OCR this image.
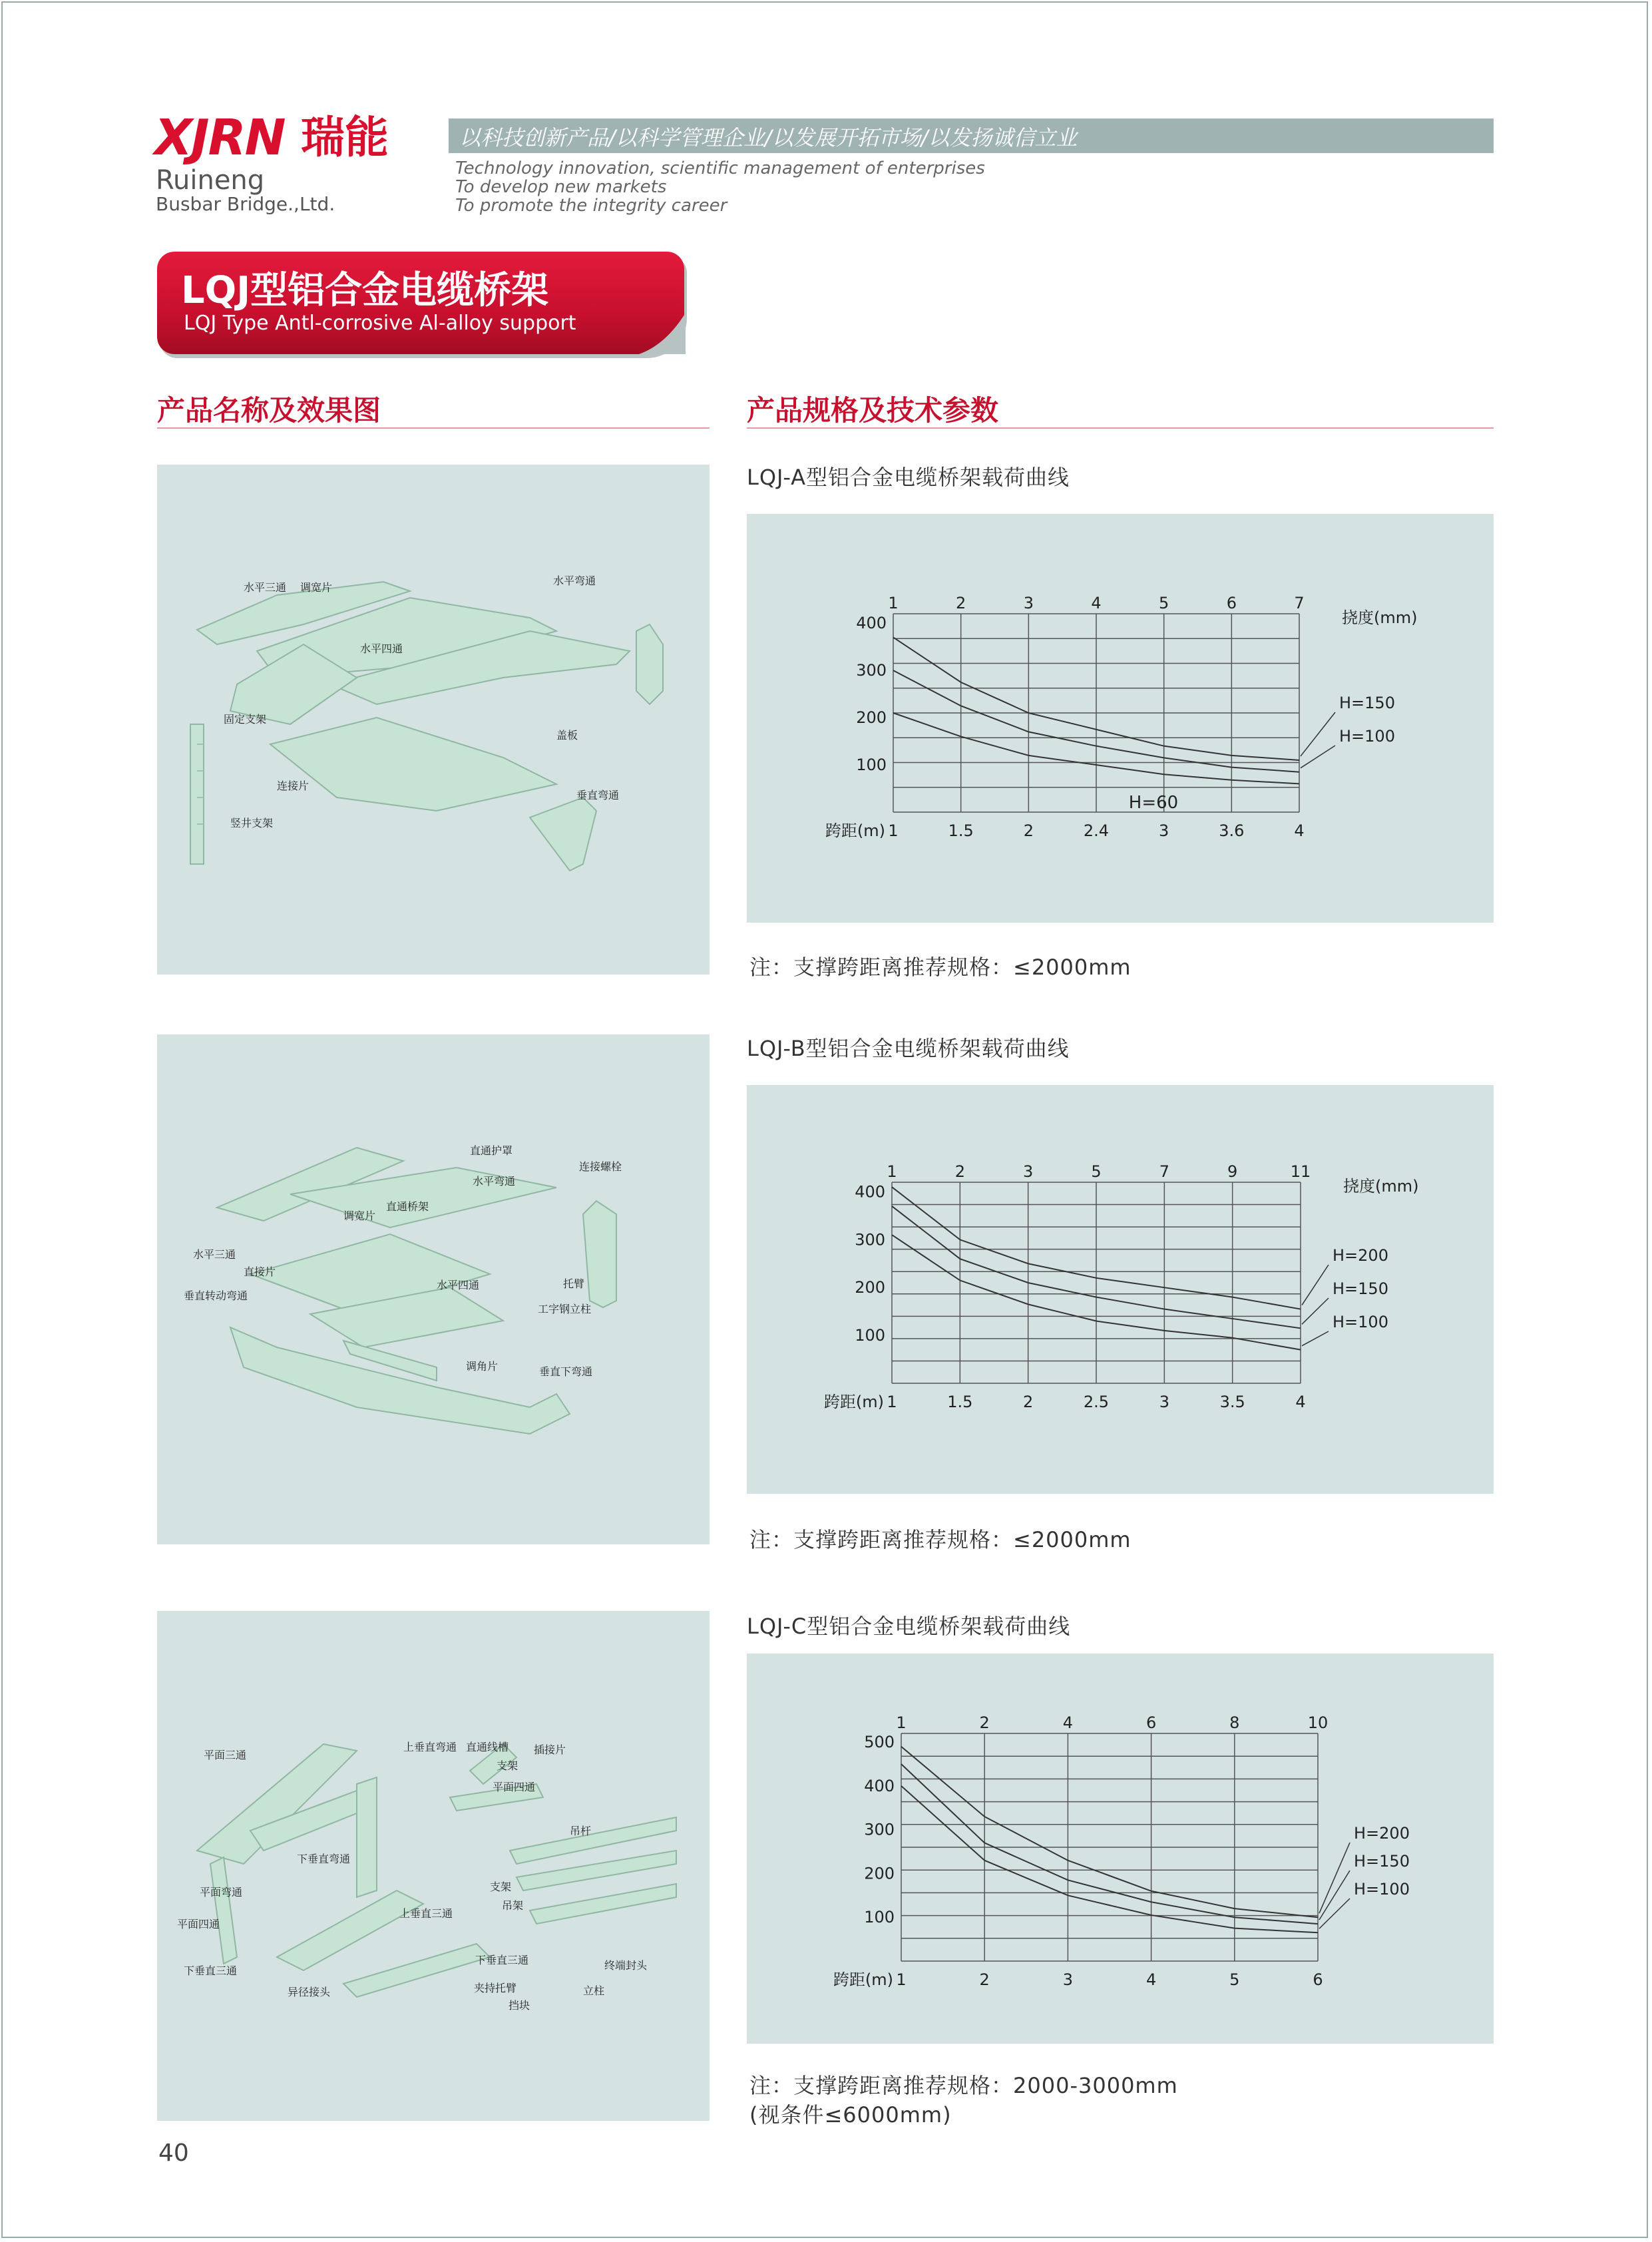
XJRN 瑞能
Ruineng
Busbar Bridge.,Ltd.
以科技创新产品/以科学管理企业/以发展开拓市场/以发扬诚信立业
Technology innovation, scientific management of enterprises
To develop new markets
To promote the integrity career
LQJ型铝合金电缆桥架
LQJ Type Antl-corrosive Al-alloy support
产品名称及效果图	产品规格及技术参数
水平三通 调宽片
水平弯通
水平四通
固定支架
盖板
连接片
垂直弯通
竖井支架
直通护罩
连接螺栓
水平弯通
调宽片
直通桥架
水平三通
直接片
垂直转动弯通
托臂
水平四通
工字钢立柱
调角片	垂直下弯通
上垂直弯通 直通线槽 插接片
平面三通
支架
平面四通
下垂直弯通
吊杆
平面弯通	支架
吊架
上垂直三通
平面四通
下垂直三通	终端封头
下垂直三通
异径接头	夹持托臂	立柱
挡块
LQJ-A型铝合金电缆桥架载荷曲线
1	2	3	4	5	6	7
挠度(mm)
1	1.5	2	2.4	3	3.6	4
跨距(m)
400
300
200
100
H=150
H=100
H=60
注：支撑跨距离推荐规格：≤2000mm
LQJ-B型铝合金电缆桥架载荷曲线
1	2	3	5	7	9	11
挠度(mm)
1	1.5	2	2.5	3	3.5	4
跨距(m)
400
300
200
100
H=200
H=150
H=100
注：支撑跨距离推荐规格：≤2000mm
LQJ-C型铝合金电缆桥架载荷曲线
1	2	4	6	8	10
1	2	3	4	5	6
跨距(m)
500
400
300
200
100
H=200
H=150
H=100
注：支撑跨距离推荐规格：2000-3000mm
(视条件≤6000mm)
40
